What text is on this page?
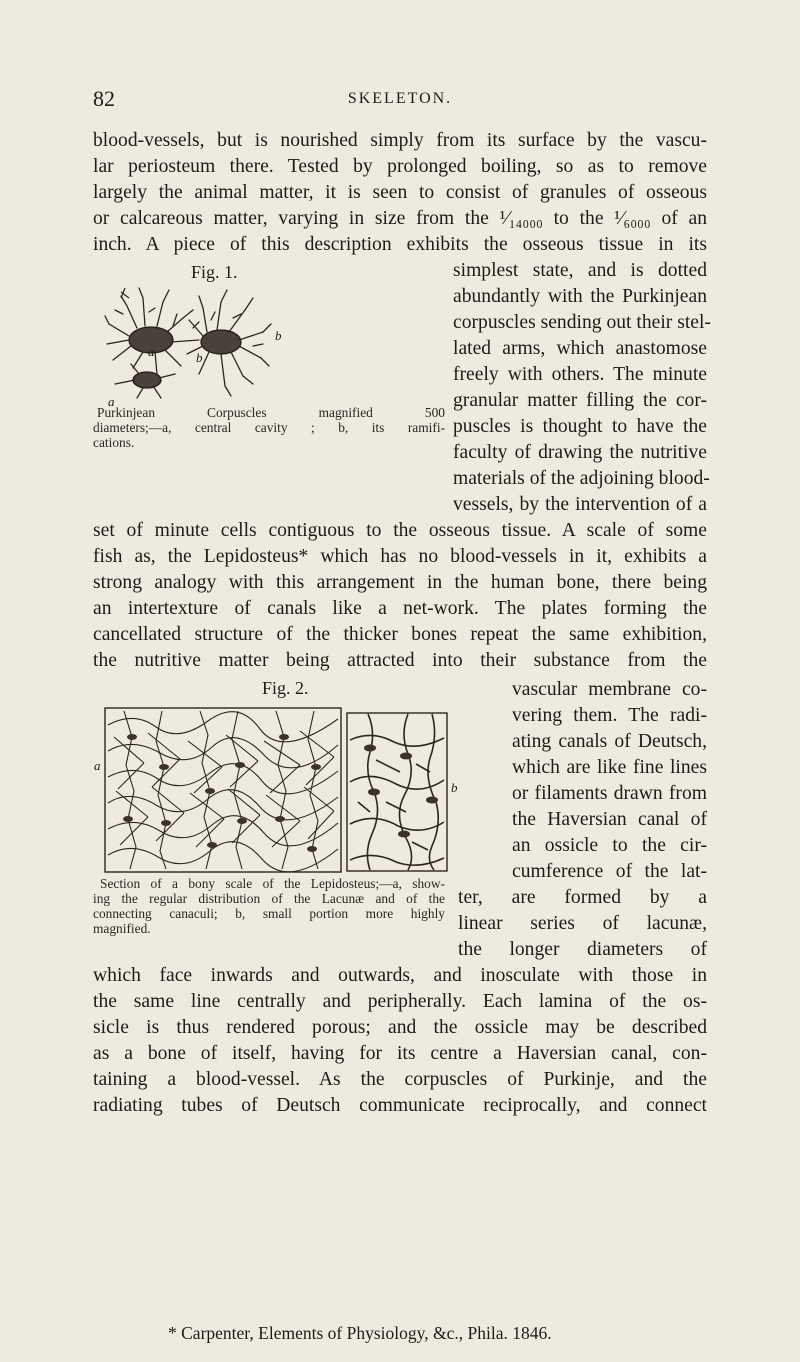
82	SKELETON.
blood-vessels, but is nourished simply from its surface by the vascu-
lar periosteum there. Tested by prolonged boiling, so as to remove
largely the animal matter, it is seen to consist of granules of osseous
or calcareous matter, varying in size from the ¹⁄₁₄₀₀₀ to the ¹⁄₆₀₀₀ of an
inch. A piece of this description exhibits the osseous tissue in its
Fig. 1.
a
a
b
b
Purkinjean Corpuscles magnified 500
diameters;—a, central cavity ; b, its ramifi-
cations.
simplest state, and is dotted
abundantly with the Purkinjean
corpuscles sending out their stel-
lated arms, which anastomose
freely with others. The minute
granular matter filling the cor-
puscles is thought to have the
faculty of drawing the nutritive
materials of the adjoining blood-
vessels, by the intervention of a
set of minute cells contiguous to the osseous tissue. A scale of some
fish as, the Lepidosteus* which has no blood-vessels in it, exhibits a
strong analogy with this arrangement in the human bone, there being
an intertexture of canals like a net-work. The plates forming the
cancellated structure of the thicker bones repeat the same exhibition,
the nutritive matter being attracted into their substance from the
Fig. 2.
a
b
Section of a bony scale of the Lepidosteus;—a, show-
ing the regular distribution of the Lacunæ and of the
connecting canaculi; b, small portion more highly
magnified.
vascular membrane co-
vering them. The radi-
ating canals of Deutsch,
which are like fine lines
or filaments drawn from
the Haversian canal of
an ossicle to the cir-
cumference of the lat-
ter, are formed by a
linear series of lacunæ,
the longer diameters of
which face inwards and outwards, and inosculate with those in
the same line centrally and peripherally. Each lamina of the os-
sicle is thus rendered porous; and the ossicle may be described
as a bone of itself, having for its centre a Haversian canal, con-
taining a blood-vessel. As the corpuscles of Purkinje, and the
radiating tubes of Deutsch communicate reciprocally, and connect
* Carpenter, Elements of Physiology, &c., Phila. 1846.
